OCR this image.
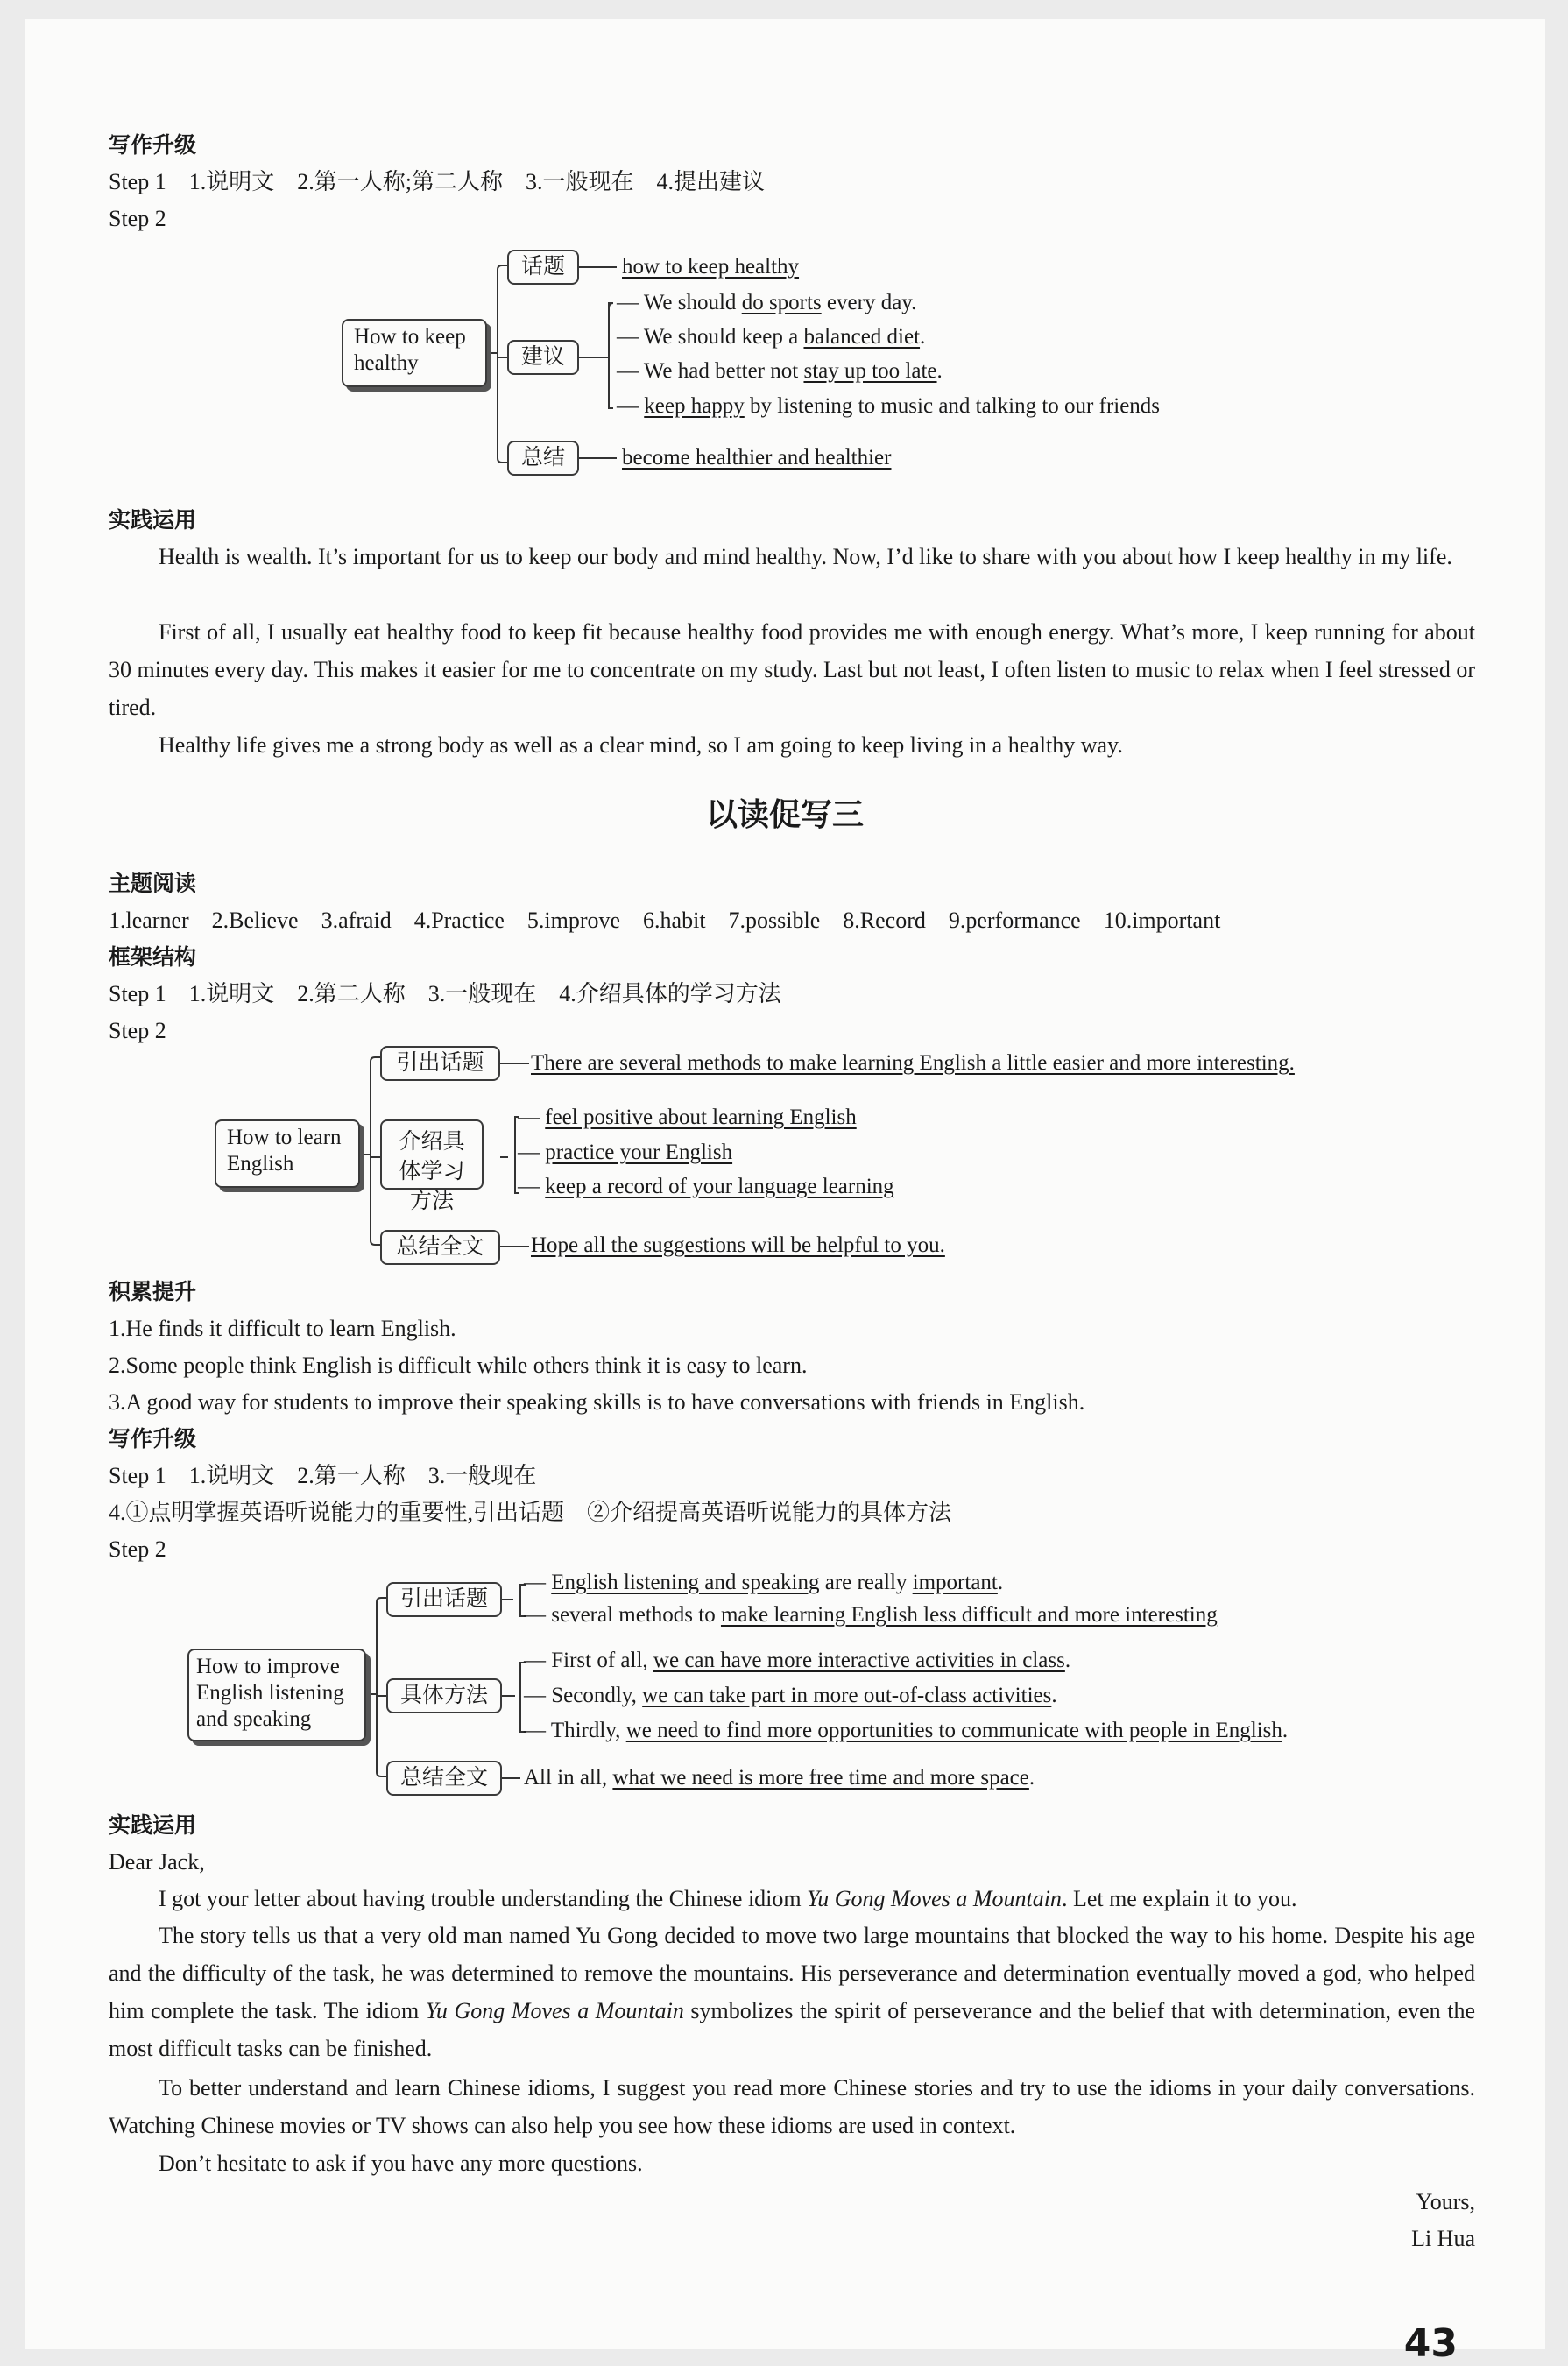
写作升级
Step 1　1.说明文　2.第一人称;第二人称　3.一般现在　4.提出建议
Step 2
How to keep healthy
话题
建议
总结
how to keep healthy
— We should do sports every day.
— We should keep a balanced diet.
— We had better not stay up too late.
— keep happy by listening to music and talking to our friends
become healthier and healthier
实践运用
Health is wealth. It’s important for us to keep our body and mind healthy. Now, I’d like to share with you about how I keep healthy in my life.
First of all, I usually eat healthy food to keep fit because healthy food provides me with enough energy. What’s more, I keep running for about 30 minutes every day. This makes it easier for me to concentrate on my study. Last but not least, I often listen to music to relax when I feel stressed or tired.
Healthy life gives me a strong body as well as a clear mind, so I am going to keep living in a healthy way.
以读促写三
主题阅读
1.learner　2.Believe　3.afraid　4.Practice　5.improve　6.habit　7.possible　8.Record　9.performance　10.important
框架结构
Step 1　1.说明文　2.第二人称　3.一般现在　4.介绍具体的学习方法
Step 2
How to learn English
引出话题
介绍具体学习方法
总结全文
There are several methods to make learning English a little easier and more interesting.
— feel positive about learning English
— practice your English
— keep a record of your language learning
Hope all the suggestions will be helpful to you.
积累提升
1.He finds it difficult to learn English.
2.Some people think English is difficult while others think it is easy to learn.
3.A good way for students to improve their speaking skills is to have conversations with friends in English.
写作升级
Step 1　1.说明文　2.第一人称　3.一般现在
4.①点明掌握英语听说能力的重要性,引出话题　②介绍提高英语听说能力的具体方法
Step 2
How to improve English listening and speaking
引出话题
具体方法
总结全文
— English listening and speaking are really important.
— several methods to make learning English less difficult and more interesting
— First of all, we can have more interactive activities in class.
— Secondly, we can take part in more out-of-class activities.
— Thirdly, we need to find more opportunities to communicate with people in English.
All in all, what we need is more free time and more space.
实践运用
Dear Jack,
I got your letter about having trouble understanding the Chinese idiom Yu Gong Moves a Mountain. Let me explain it to you.
The story tells us that a very old man named Yu Gong decided to move two large mountains that blocked the way to his home. Despite his age and the difficulty of the task, he was determined to remove the mountains. His perseverance and determination eventually moved a god, who helped him complete the task. The idiom Yu Gong Moves a Mountain symbolizes the spirit of perseverance and the belief that with determination, even the most difficult tasks can be finished.
To better understand and learn Chinese idioms, I suggest you read more Chinese stories and try to use the idioms in your daily conversations. Watching Chinese movies or TV shows can also help you see how these idioms are used in context.
Don’t hesitate to ask if you have any more questions.
Yours,
Li Hua
43
